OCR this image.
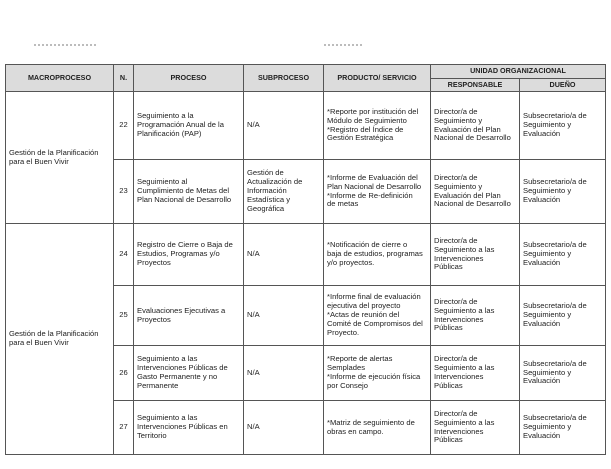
MACROPROCESO	N.	PROCESO	SUBPROCESO	PRODUCTO/ SERVICIO	UNIDAD ORGANIZACIONAL	
					RESPONSABLE	DUEÑO
Gestión de la Planificación para el Buen Vivir	22	Seguimiento a la
Programación Anual de la
Planificación (PAP)	N/A	*Reporte por institución del
Módulo de Seguimiento
*Registro del Índice de
Gestión Estratégica	Director/a de
Seguimiento y
Evaluación del Plan
Nacional de Desarrollo	Subsecretario/a de
Seguimiento y
Evaluación
	23	Seguimiento al
Cumplimiento de Metas del
Plan Nacional de Desarrollo	Gestión de
Actualización de
Información
Estadística y
Geográfica	*Informe de Evaluación del
Plan Nacional de Desarrollo
*Informe de Re-definición
de metas	Director/a de
Seguimiento y
Evaluación del Plan
Nacional de Desarrollo	Subsecretario/a de
Seguimiento y
Evaluación
Gestión de la Planificación para el Buen Vivir	24	Registro de Cierre o Baja de
Estudios, Programas y/o
Proyectos	N/A	*Notificación de cierre o
baja de estudios, programas
y/o proyectos.	Director/a de
Seguimiento a las
Intervenciones
Públicas	Subsecretario/a de
Seguimiento y
Evaluación
	25	Evaluaciones Ejecutivas a
Proyectos	N/A	*Informe final de evaluación
ejecutiva del proyecto
*Actas de reunión del
Comité de Compromisos del
Proyecto.	Director/a de
Seguimiento a las
Intervenciones
Públicas	Subsecretario/a de
Seguimiento y
Evaluación
	26	Seguimiento a las
Intervenciones Públicas de
Gasto Permanente y no
Permanente	N/A	*Reporte de alertas
Semplades
*Informe de ejecución física
por Consejo	Director/a de
Seguimiento a las
Intervenciones
Públicas	Subsecretario/a de
Seguimiento y
Evaluación
	27	Seguimiento a las
Intervenciones Públicas en
Territorio	N/A	*Matriz de seguimiento de
obras en campo.	Director/a de
Seguimiento a las
Intervenciones
Públicas	Subsecretario/a de
Seguimiento y
Evaluación
